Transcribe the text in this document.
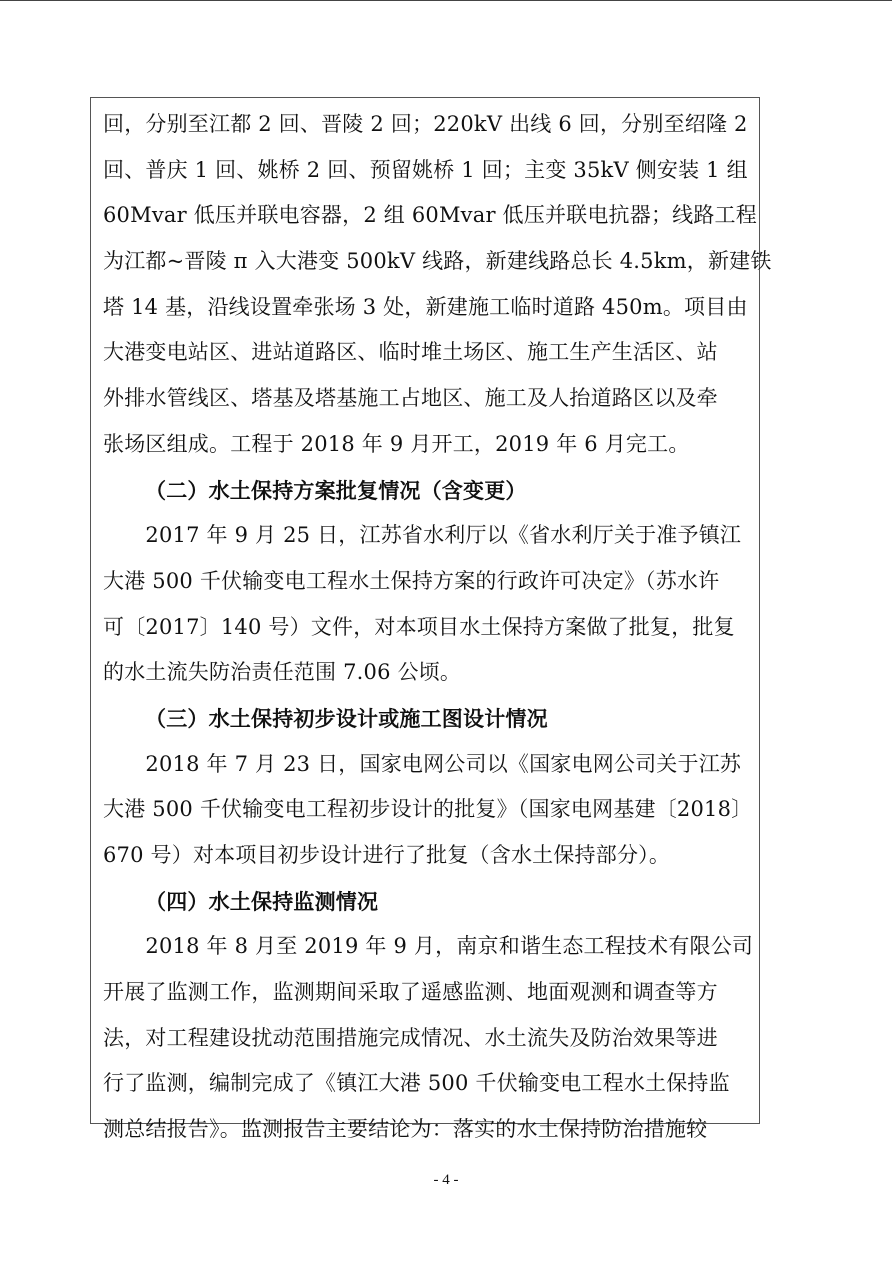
回，分别至江都 2 回、晋陵 2 回；220kV 出线 6 回，分别至绍隆 2
回、普庆 1 回、姚桥 2 回、预留姚桥 1 回；主变 35kV 侧安装 1 组
60Mvar 低压并联电容器，2 组 60Mvar 低压并联电抗器；线路工程
为江都~晋陵 π 入大港变 500kV 线路，新建线路总长 4.5km，新建铁
塔 14 基，沿线设置牵张场 3 处，新建施工临时道路 450m。项目由
大港变电站区、进站道路区、临时堆土场区、施工生产生活区、站
外排水管线区、塔基及塔基施工占地区、施工及人抬道路区以及牵
张场区组成。工程于 2018 年 9 月开工，2019 年 6 月完工。
（二）水土保持方案批复情况（含变更）
　　2017 年 9 月 25 日，江苏省水利厅以《省水利厅关于准予镇江
大港 500 千伏输变电工程水土保持方案的行政许可决定》（苏水许
可〔2017〕140 号）文件，对本项目水土保持方案做了批复，批复
的水土流失防治责任范围 7.06 公顷。
（三）水土保持初步设计或施工图设计情况
　　2018 年 7 月 23 日，国家电网公司以《国家电网公司关于江苏
大港 500 千伏输变电工程初步设计的批复》（国家电网基建〔2018〕
670 号）对本项目初步设计进行了批复（含水土保持部分）。
（四）水土保持监测情况
　　2018 年 8 月至 2019 年 9 月，南京和谐生态工程技术有限公司
开展了监测工作，监测期间采取了遥感监测、地面观测和调查等方
法，对工程建设扰动范围措施完成情况、水土流失及防治效果等进
行了监测，编制完成了《镇江大港 500 千伏输变电工程水土保持监
测总结报告》。监测报告主要结论为：落实的水土保持防治措施较
- 4 -
